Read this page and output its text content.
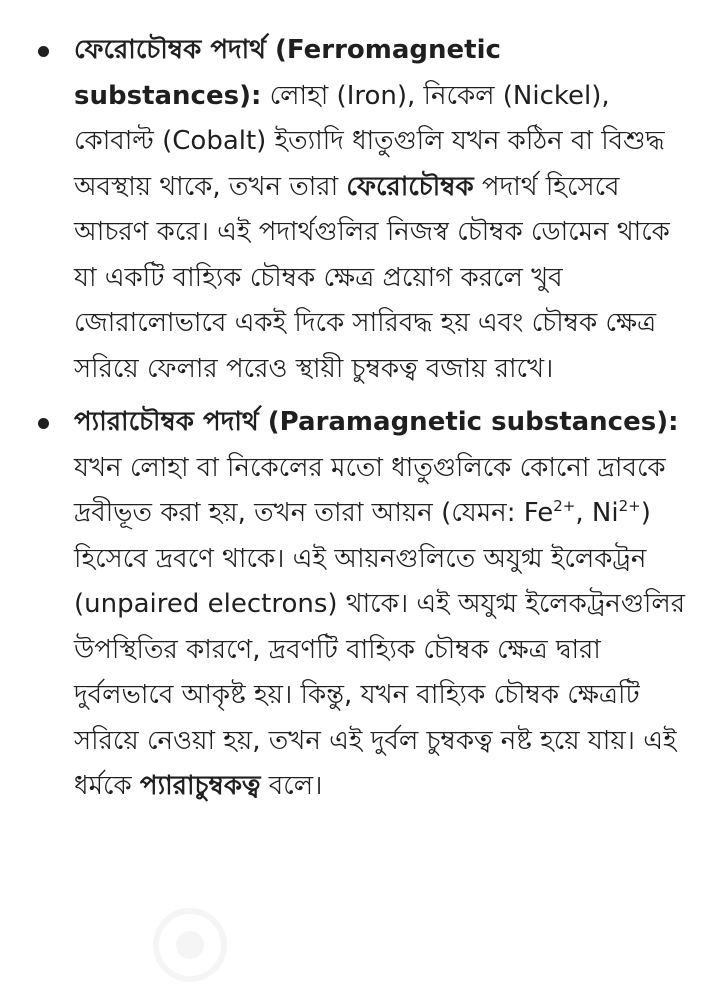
ফেরোচৌম্বক পদার্থ (Ferromagnetic substances): লোহা (Iron), নিকেল (Nickel), কোবাল্ট (Cobalt) ইত্যাদি ধাতুগুলি যখন কঠিন বা বিশুদ্ধ অবস্থায় থাকে, তখন তারা ফেরোচৌম্বক পদার্থ হিসেবে আচরণ করে। এই পদার্থগুলির নিজস্ব চৌম্বক ডোমেন থাকে যা একটি বাহ্যিক চৌম্বক ক্ষেত্র প্রয়োগ করলে খুব জোরালোভাবে একই দিকে সারিবদ্ধ হয় এবং চৌম্বক ক্ষেত্র সরিয়ে ফেলার পরেও স্থায়ী চুম্বকত্ব বজায় রাখে।
প্যারাচৌম্বক পদার্থ (Paramagnetic substances): যখন লোহা বা নিকেলের মতো ধাতুগুলিকে কোনো দ্রাবকে দ্রবীভূত করা হয়, তখন তারা আয়ন (যেমন: $Fe^{2+}$, $Ni^{2+}$) হিসেবে দ্রবণে থাকে। এই আয়নগুলিতে অযুগ্ম ইলেকট্রন (unpaired electrons) থাকে। এই অযুগ্ম ইলেকট্রনগুলির উপস্থিতির কারণে, দ্রবণটি বাহ্যিক চৌম্বক ক্ষেত্র দ্বারা দুর্বলভাবে আকৃষ্ট হয়। কিন্তু, যখন বাহ্যিক চৌম্বক ক্ষেত্রটি সরিয়ে নেওয়া হয়, তখন এই দুর্বল চুম্বকত্ব নষ্ট হয়ে যায়। এই ধর্মকে প্যারাচুম্বকত্ব বলে।
